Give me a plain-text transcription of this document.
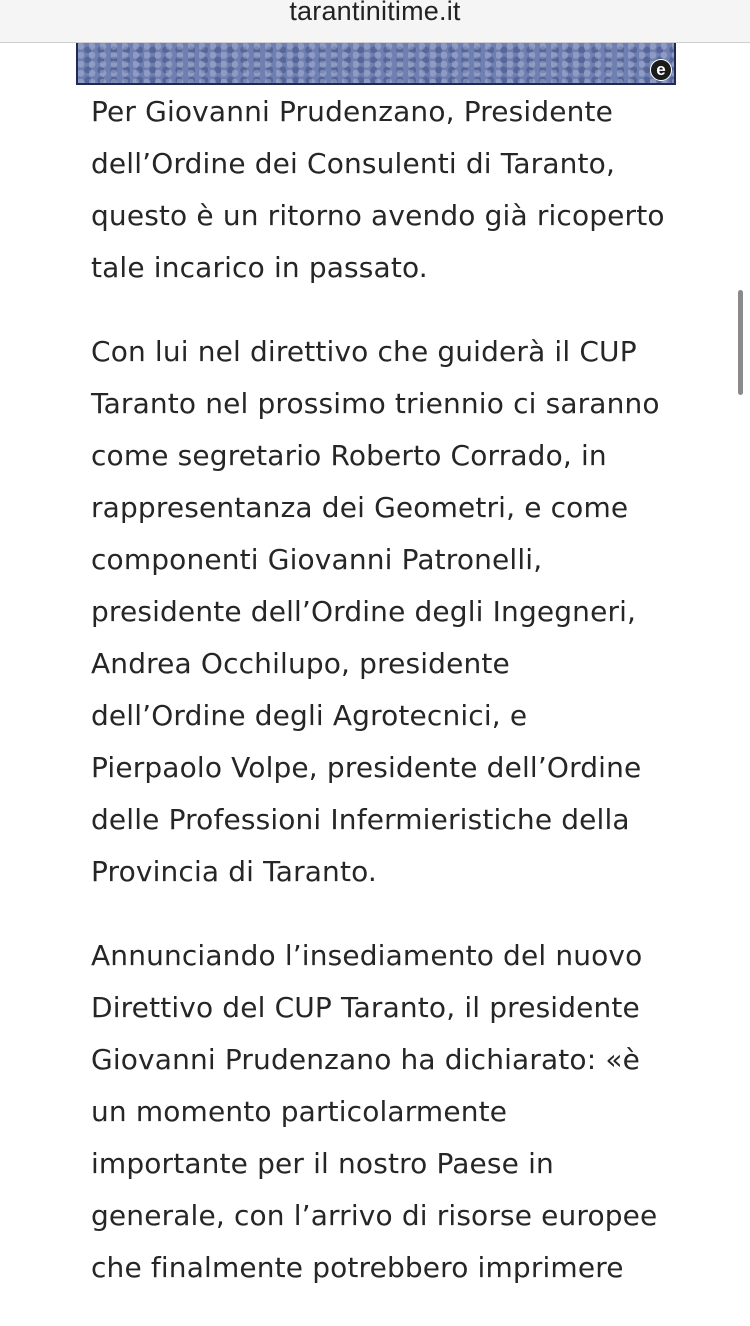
tarantinitime.it
e

Per Giovanni Prudenzano, Presidente
dell’Ordine dei Consulenti di Taranto,
questo è un ritorno avendo già ricoperto
tale incarico in passato.

Con lui nel direttivo che guiderà il CUP
Taranto nel prossimo triennio ci saranno
come segretario Roberto Corrado, in
rappresentanza dei Geometri, e come
componenti Giovanni Patronelli,
presidente dell’Ordine degli Ingegneri,
Andrea Occhilupo, presidente
dell’Ordine degli Agrotecnici, e
Pierpaolo Volpe, presidente dell’Ordine
delle Professioni Infermieristiche della
Provincia di Taranto.

Annunciando l’insediamento del nuovo
Direttivo del CUP Taranto, il presidente
Giovanni Prudenzano ha dichiarato: «è
un momento particolarmente
importante per il nostro Paese in
generale, con l’arrivo di risorse europee
che finalmente potrebbero imprimere
